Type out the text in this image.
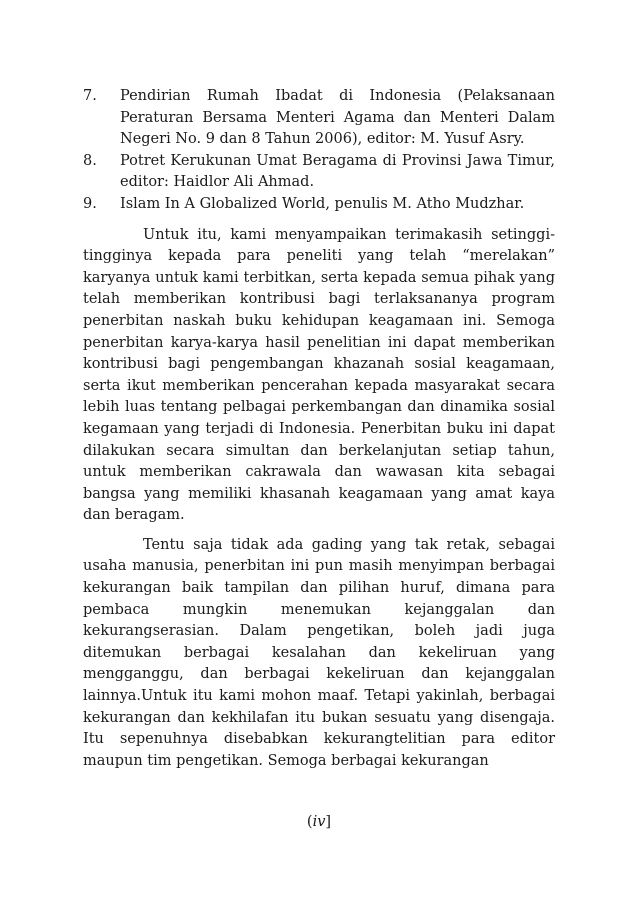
7.	Pendirian Rumah Ibadat di Indonesia (Pelaksanaan Peraturan Bersama Menteri Agama dan Menteri Dalam Negeri No. 9 dan 8 Tahun 2006), editor: M. Yusuf Asry.
8.	Potret Kerukunan Umat Beragama di Provinsi Jawa Timur, editor: Haidlor Ali Ahmad.
9.	Islam In A Globalized World, penulis M. Atho Mudzhar.

Untuk itu, kami menyampaikan terimakasih setinggi-tingginya kepada para peneliti yang telah “merelakan” karyanya untuk kami terbitkan, serta kepada semua pihak yang telah memberikan kontribusi bagi terlaksananya program penerbitan naskah buku kehidupan keagamaan ini. Semoga penerbitan karya-karya hasil penelitian ini dapat memberikan kontribusi bagi pengembangan khazanah sosial keagamaan, serta ikut memberikan pencerahan kepada masyarakat secara lebih luas tentang pelbagai perkembangan dan dinamika sosial kegamaan yang terjadi di Indonesia. Penerbitan buku ini dapat dilakukan secara simultan dan berkelanjutan setiap tahun, untuk memberikan cakrawala dan wawasan kita sebagai bangsa yang memiliki khasanah keagamaan yang amat kaya dan beragam.

Tentu saja tidak ada gading yang tak retak, sebagai usaha manusia, penerbitan ini pun masih menyimpan berbagai kekurangan baik tampilan dan pilihan huruf, dimana para pembaca mungkin menemukan kejanggalan dan kekurangserasian. Dalam pengetikan, boleh jadi juga ditemukan berbagai kesalahan dan kekeliruan yang mengganggu, dan berbagai kekeliruan dan kejanggalan lainnya.Untuk itu kami mohon maaf. Tetapi yakinlah, berbagai kekurangan dan kekhilafan itu bukan sesuatu yang disengaja. Itu sepenuhnya disebabkan kekurangtelitian para editor maupun tim pengetikan. Semoga berbagai kekurangan

(iv]
